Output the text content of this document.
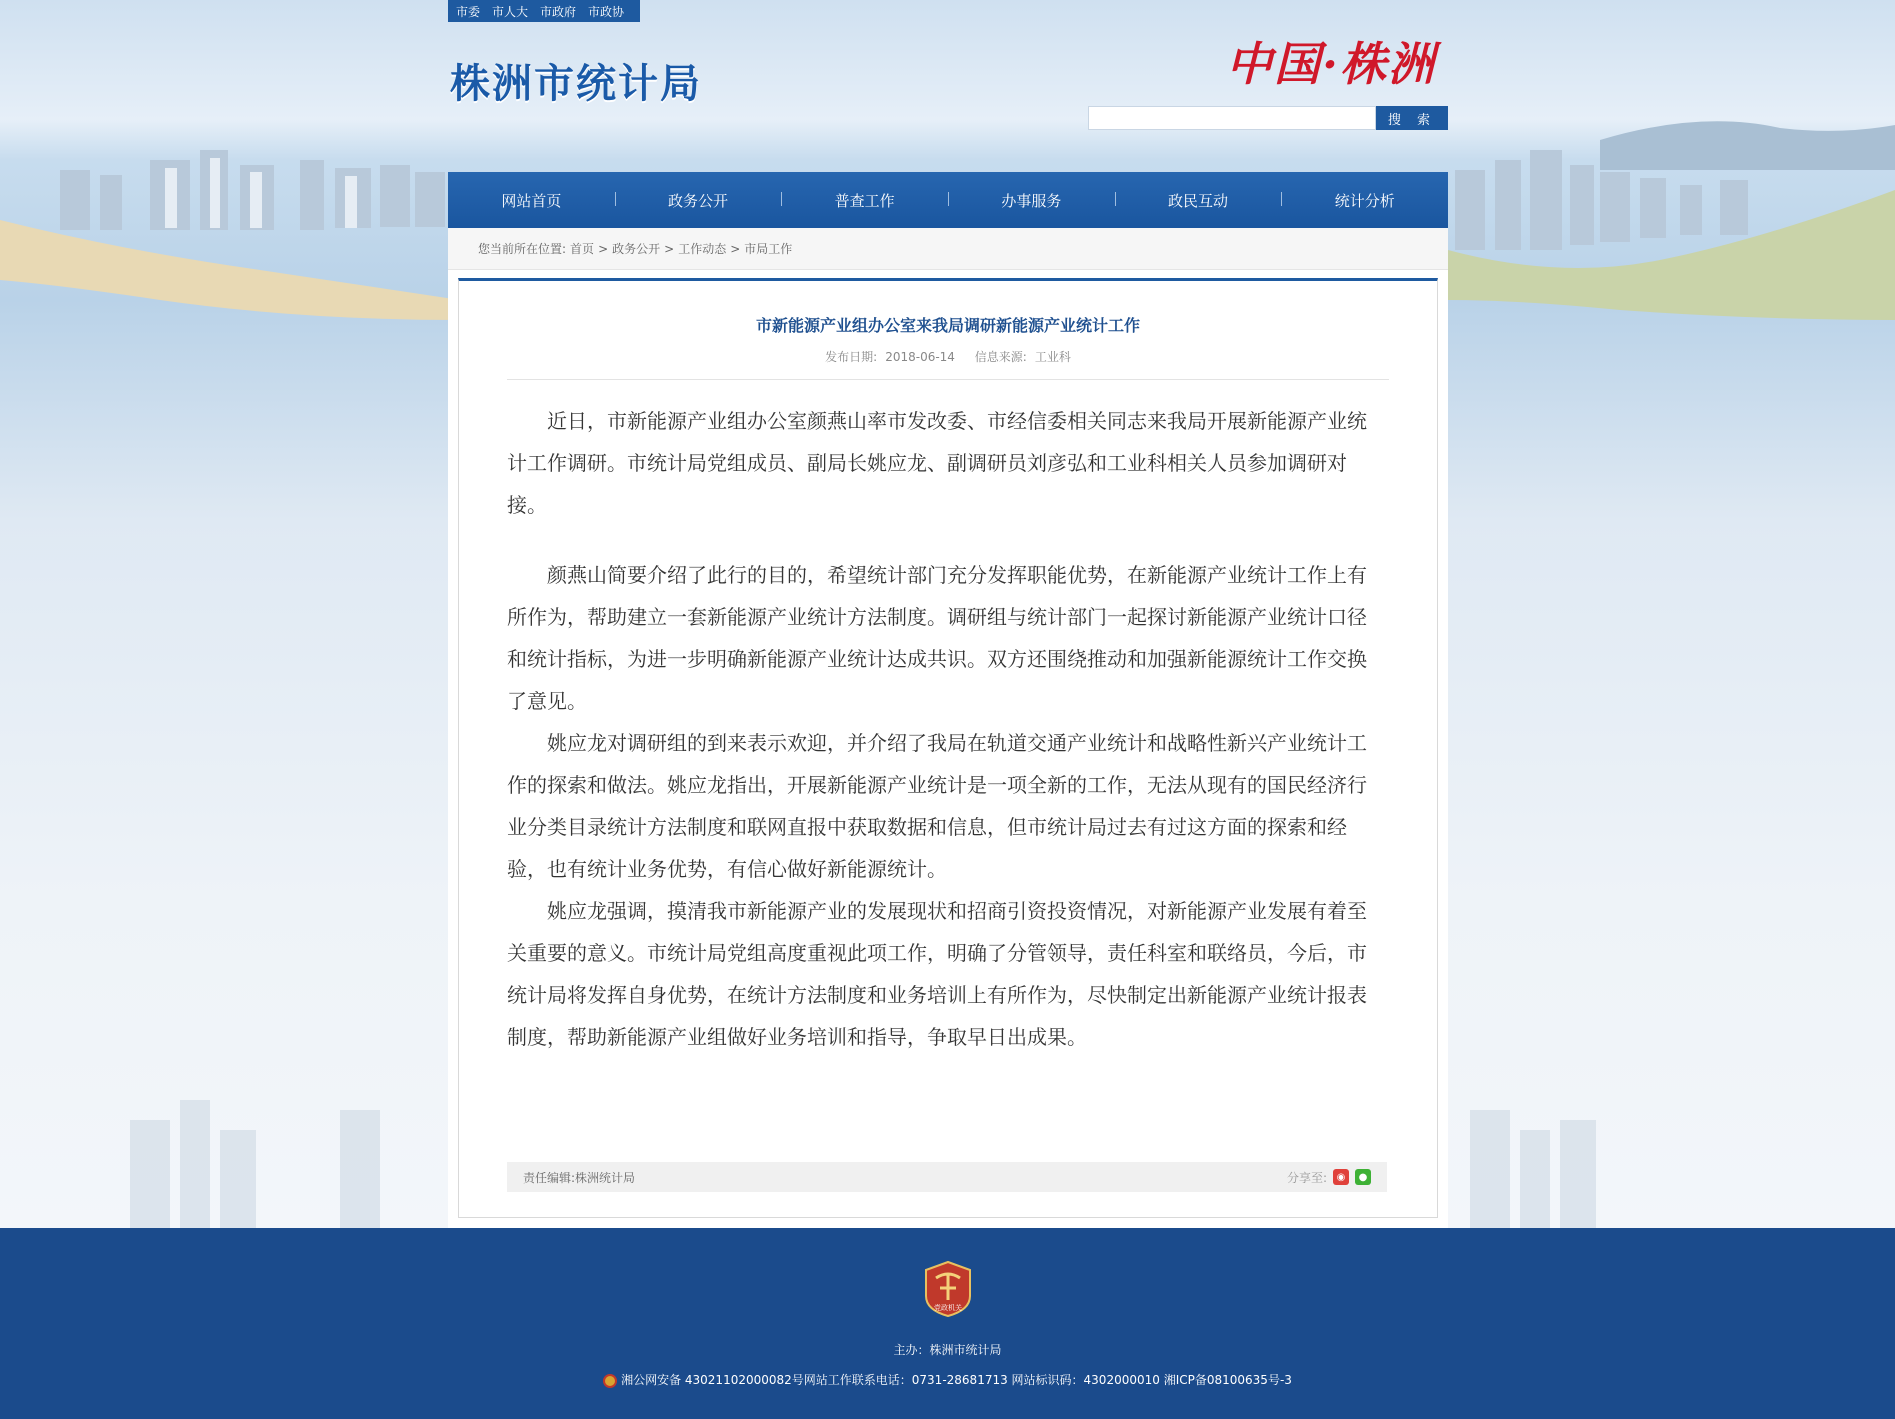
市委 市人大 市政府 市政协
株洲市统计局	中国·株洲
搜 索
网站首页	政务公开	普查工作	办事服务	政民互动	统计分析
您当前所在位置: 首页 > 政务公开 > 工作动态 > 市局工作
市新能源产业组办公室来我局调研新能源产业统计工作
发布日期: 2018-06-14 信息来源: 工业科

近日，市新能源产业组办公室颜燕山率市发改委、市经信委相关同志来我局开展新能源产业统计工作调研。市统计局党组成员、副局长姚应龙、副调研员刘彦弘和工业科相关人员参加调研对接。

颜燕山简要介绍了此行的目的，希望统计部门充分发挥职能优势，在新能源产业统计工作上有所作为，帮助建立一套新能源产业统计方法制度。调研组与统计部门一起探讨新能源产业统计口径和统计指标，为进一步明确新能源产业统计达成共识。双方还围绕推动和加强新能源统计工作交换了意见。

姚应龙对调研组的到来表示欢迎，并介绍了我局在轨道交通产业统计和战略性新兴产业统计工作的探索和做法。姚应龙指出，开展新能源产业统计是一项全新的工作，无法从现有的国民经济行业分类目录统计方法制度和联网直报中获取数据和信息，但市统计局过去有过这方面的探索和经验，也有统计业务优势，有信心做好新能源统计。

姚应龙强调，摸清我市新能源产业的发展现状和招商引资投资情况，对新能源产业发展有着至关重要的意义。市统计局党组高度重视此项工作，明确了分管领导，责任科室和联络员，今后，市统计局将发挥自身优势，在统计方法制度和业务培训上有所作为，尽快制定出新能源产业统计报表制度，帮助新能源产业组做好业务培训和指导，争取早日出成果。

责任编辑:株洲统计局	分享至: ◉	●
党政机关
主办：株洲市统计局
湘公网安备 43021102000082号网站工作联系电话：0731-28681713 网站标识码：4302000010 湘ICP备08100635号-3
